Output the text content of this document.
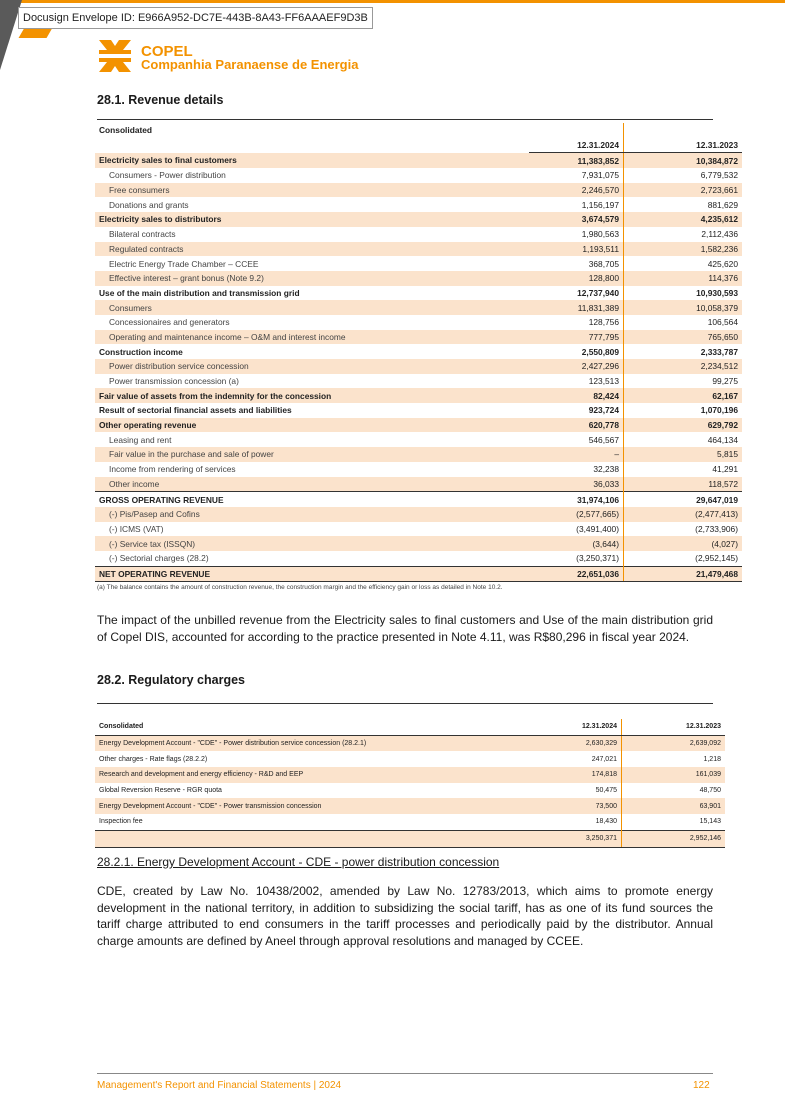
Docusign Envelope ID: E966A952-DC7E-443B-8A43-FF6AAAEF9D3B
COPEL
Companhia Paranaense de Energia
28.1. Revenue details
Consolidated		
	12.31.2024	12.31.2023
Electricity sales to final customers	11,383,852	10,384,872
Consumers - Power distribution	7,931,075	6,779,532
Free consumers	2,246,570	2,723,661
Donations and grants	1,156,197	881,629
Electricity sales to distributors	3,674,579	4,235,612
Bilateral contracts	1,980,563	2,112,436
Regulated contracts	1,193,511	1,582,236
Electric Energy Trade Chamber – CCEE	368,705	425,620
Effective interest – grant bonus (Note 9.2)	128,800	114,376
Use of the main distribution and transmission grid	12,737,940	10,930,593
Consumers	11,831,389	10,058,379
Concessionaires and generators	128,756	106,564
Operating and maintenance income – O&M and interest income	777,795	765,650
Construction income	2,550,809	2,333,787
Power distribution service concession	2,427,296	2,234,512
Power transmission concession (a)	123,513	99,275
Fair value of assets from the indemnity for the concession	82,424	62,167
Result of sectorial financial assets and liabilities	923,724	1,070,196
Other operating revenue	620,778	629,792
Leasing and rent	546,567	464,134
Fair value in the purchase and sale of power	–	5,815
Income from rendering of services	32,238	41,291
Other income	36,033	118,572
GROSS OPERATING REVENUE	31,974,106	29,647,019
(-) Pis/Pasep and Cofins	(2,577,665)	(2,477,413)
(-) ICMS (VAT)	(3,491,400)	(2,733,906)
(-) Service tax (ISSQN)	(3,644)	(4,027)
(-) Sectorial charges (28.2)	(3,250,371)	(2,952,145)
NET OPERATING REVENUE	22,651,036	21,479,468
(a) The balance contains the amount of construction revenue, the construction margin and the efficiency gain or loss as detailed in Note 10.2.

The impact of the unbilled revenue from the Electricity sales to final customers and Use of the main distribution grid of Copel DIS, accounted for according to the practice presented in Note 4.11, was R$80,296 in fiscal year 2024.

28.2. Regulatory charges
Consolidated	12.31.2024	12.31.2023
Energy Development Account - "CDE" - Power distribution service concession (28.2.1)	2,630,329	2,639,092
Other charges - Rate flags (28.2.2)	247,021	1,218
Research and development and energy efficiency - R&D and EEP	174,818	161,039
Global Reversion Reserve - RGR quota	50,475	48,750
Energy Development Account - "CDE" - Power transmission concession	73,500	63,901
Inspection fee	18,430	15,143
	3,250,371	2,952,146
28.2.1. Energy Development Account - CDE - power distribution concession

CDE, created by Law No. 10438/2002, amended by Law No. 12783/2013, which aims to promote energy development in the national territory, in addition to subsidizing the social tariff, has as one of its fund sources the tariff charge attributed to end consumers in the tariff processes and periodically paid by the distributor. Annual charge amounts are defined by Aneel through approval resolutions and managed by CCEE.

Management's Report and Financial Statements | 2024	122
